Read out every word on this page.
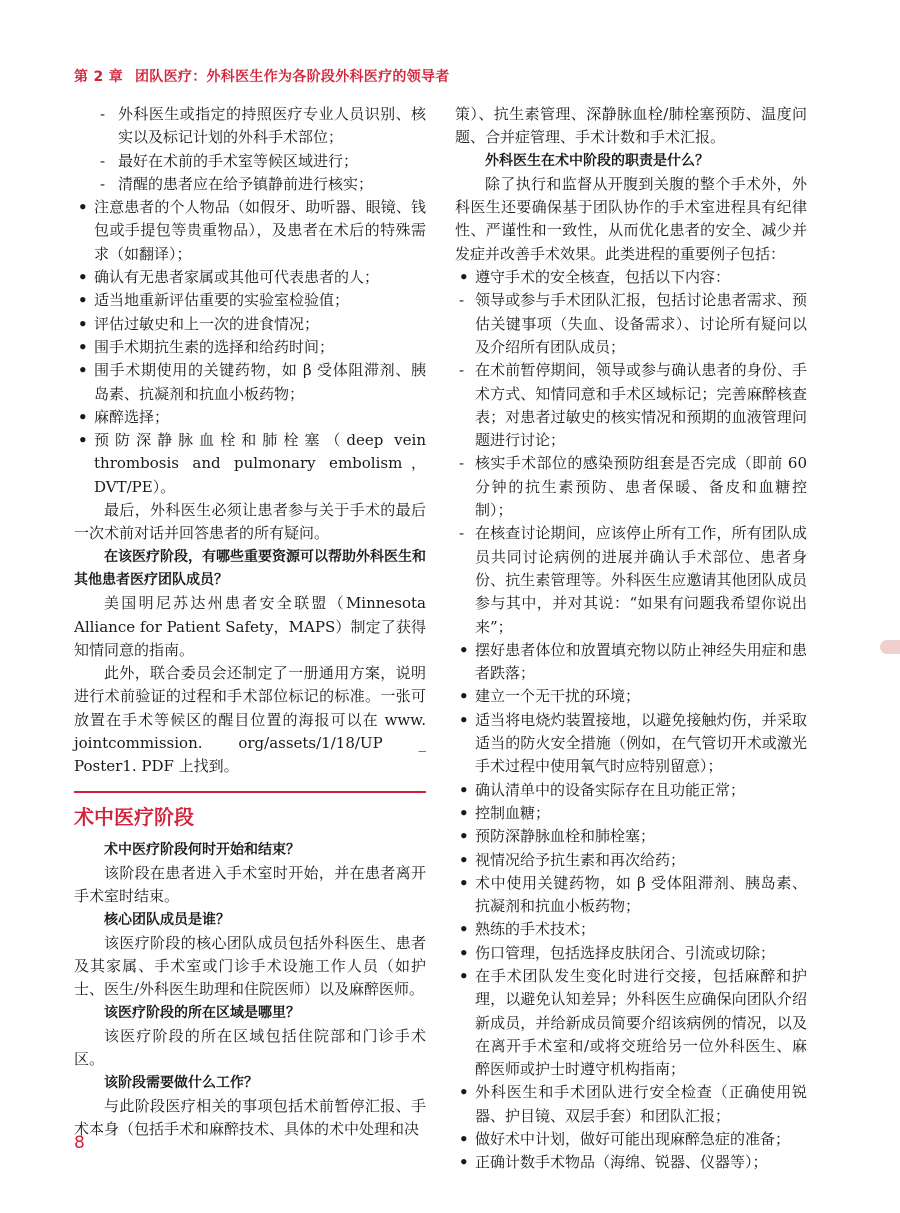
第 2 章 团队医疗：外科医生作为各阶段外科医疗的领导者

- 外科医生或指定的持照医疗专业人员识别、核实以及标记计划的外科手术部位；

- 最好在术前的手术室等候区域进行；

- 清醒的患者应在给予镇静前进行核实；

• 注意患者的个人物品（如假牙、助听器、眼镜、钱包或手提包等贵重物品），及患者在术后的特殊需求（如翻译）；

• 确认有无患者家属或其他可代表患者的人；

• 适当地重新评估重要的实验室检验值；

• 评估过敏史和上一次的进食情况；

• 围手术期抗生素的选择和给药时间；

• 围手术期使用的关键药物，如 β 受体阻滞剂、胰岛素、抗凝剂和抗血小板药物；

• 麻醉选择；

• 预防深静脉血栓和肺栓塞（deep vein thrombosis and pulmonary embolism，DVT/PE）。

最后，外科医生必须让患者参与关于手术的最后一次术前对话并回答患者的所有疑问。

在该医疗阶段，有哪些重要资源可以帮助外科医生和其他患者医疗团队成员？

美国明尼苏达州患者安全联盟（Minnesota Alliance for Patient Safety，MAPS）制定了获得知情同意的指南。

此外，联合委员会还制定了一册通用方案，说明进行术前验证的过程和手术部位标记的标准。一张可放置在手术等候区的醒目位置的海报可以在 www. jointcommission. org/assets/1/18/UP _ Poster1. PDF 上找到。

术中医疗阶段

术中医疗阶段何时开始和结束？

该阶段在患者进入手术室时开始，并在患者离开手术室时结束。

核心团队成员是谁？

该医疗阶段的核心团队成员包括外科医生、患者及其家属、手术室或门诊手术设施工作人员（如护士、医生/外科医生助理和住院医师）以及麻醉医师。

该医疗阶段的所在区域是哪里？

该医疗阶段的所在区域包括住院部和门诊手术区。

该阶段需要做什么工作？

与此阶段医疗相关的事项包括术前暂停汇报、手术本身（包括手术和麻醉技术、具体的术中处理和决

策）、抗生素管理、深静脉血栓/肺栓塞预防、温度问题、合并症管理、手术计数和手术汇报。

外科医生在术中阶段的职责是什么？

除了执行和监督从开腹到关腹的整个手术外，外科医生还要确保基于团队协作的手术室进程具有纪律性、严谨性和一致性，从而优化患者的安全、减少并发症并改善手术效果。此类进程的重要例子包括：

• 遵守手术的安全核查，包括以下内容：

- 领导或参与手术团队汇报，包括讨论患者需求、预估关键事项（失血、设备需求）、讨论所有疑问以及介绍所有团队成员；

- 在术前暂停期间，领导或参与确认患者的身份、手术方式、知情同意和手术区域标记；完善麻醉核查表；对患者过敏史的核实情况和预期的血液管理问题进行讨论；

- 核实手术部位的感染预防组套是否完成（即前 60 分钟的抗生素预防、患者保暖、备皮和血糖控制）；

- 在核查讨论期间，应该停止所有工作，所有团队成员共同讨论病例的进展并确认手术部位、患者身份、抗生素管理等。外科医生应邀请其他团队成员参与其中，并对其说：“如果有问题我希望你说出来”；

• 摆好患者体位和放置填充物以防止神经失用症和患者跌落；

• 建立一个无干扰的环境；

• 适当将电烧灼装置接地，以避免接触灼伤，并采取适当的防火安全措施（例如，在气管切开术或激光手术过程中使用氧气时应特别留意）；

• 确认清单中的设备实际存在且功能正常；

• 控制血糖；

• 预防深静脉血栓和肺栓塞；

• 视情况给予抗生素和再次给药；

• 术中使用关键药物，如 β 受体阻滞剂、胰岛素、抗凝剂和抗血小板药物；

• 熟练的手术技术；

• 伤口管理，包括选择皮肤闭合、引流或切除；

• 在手术团队发生变化时进行交接，包括麻醉和护理，以避免认知差异；外科医生应确保向团队介绍新成员，并给新成员简要介绍该病例的情况，以及在离开手术室和/或将交班给另一位外科医生、麻醉医师或护士时遵守机构指南；

• 外科医生和手术团队进行安全检查（正确使用锐器、护目镜、双层手套）和团队汇报；

• 做好术中计划，做好可能出现麻醉急症的准备；

• 正确计数手术物品（海绵、锐器、仪器等）；

8
